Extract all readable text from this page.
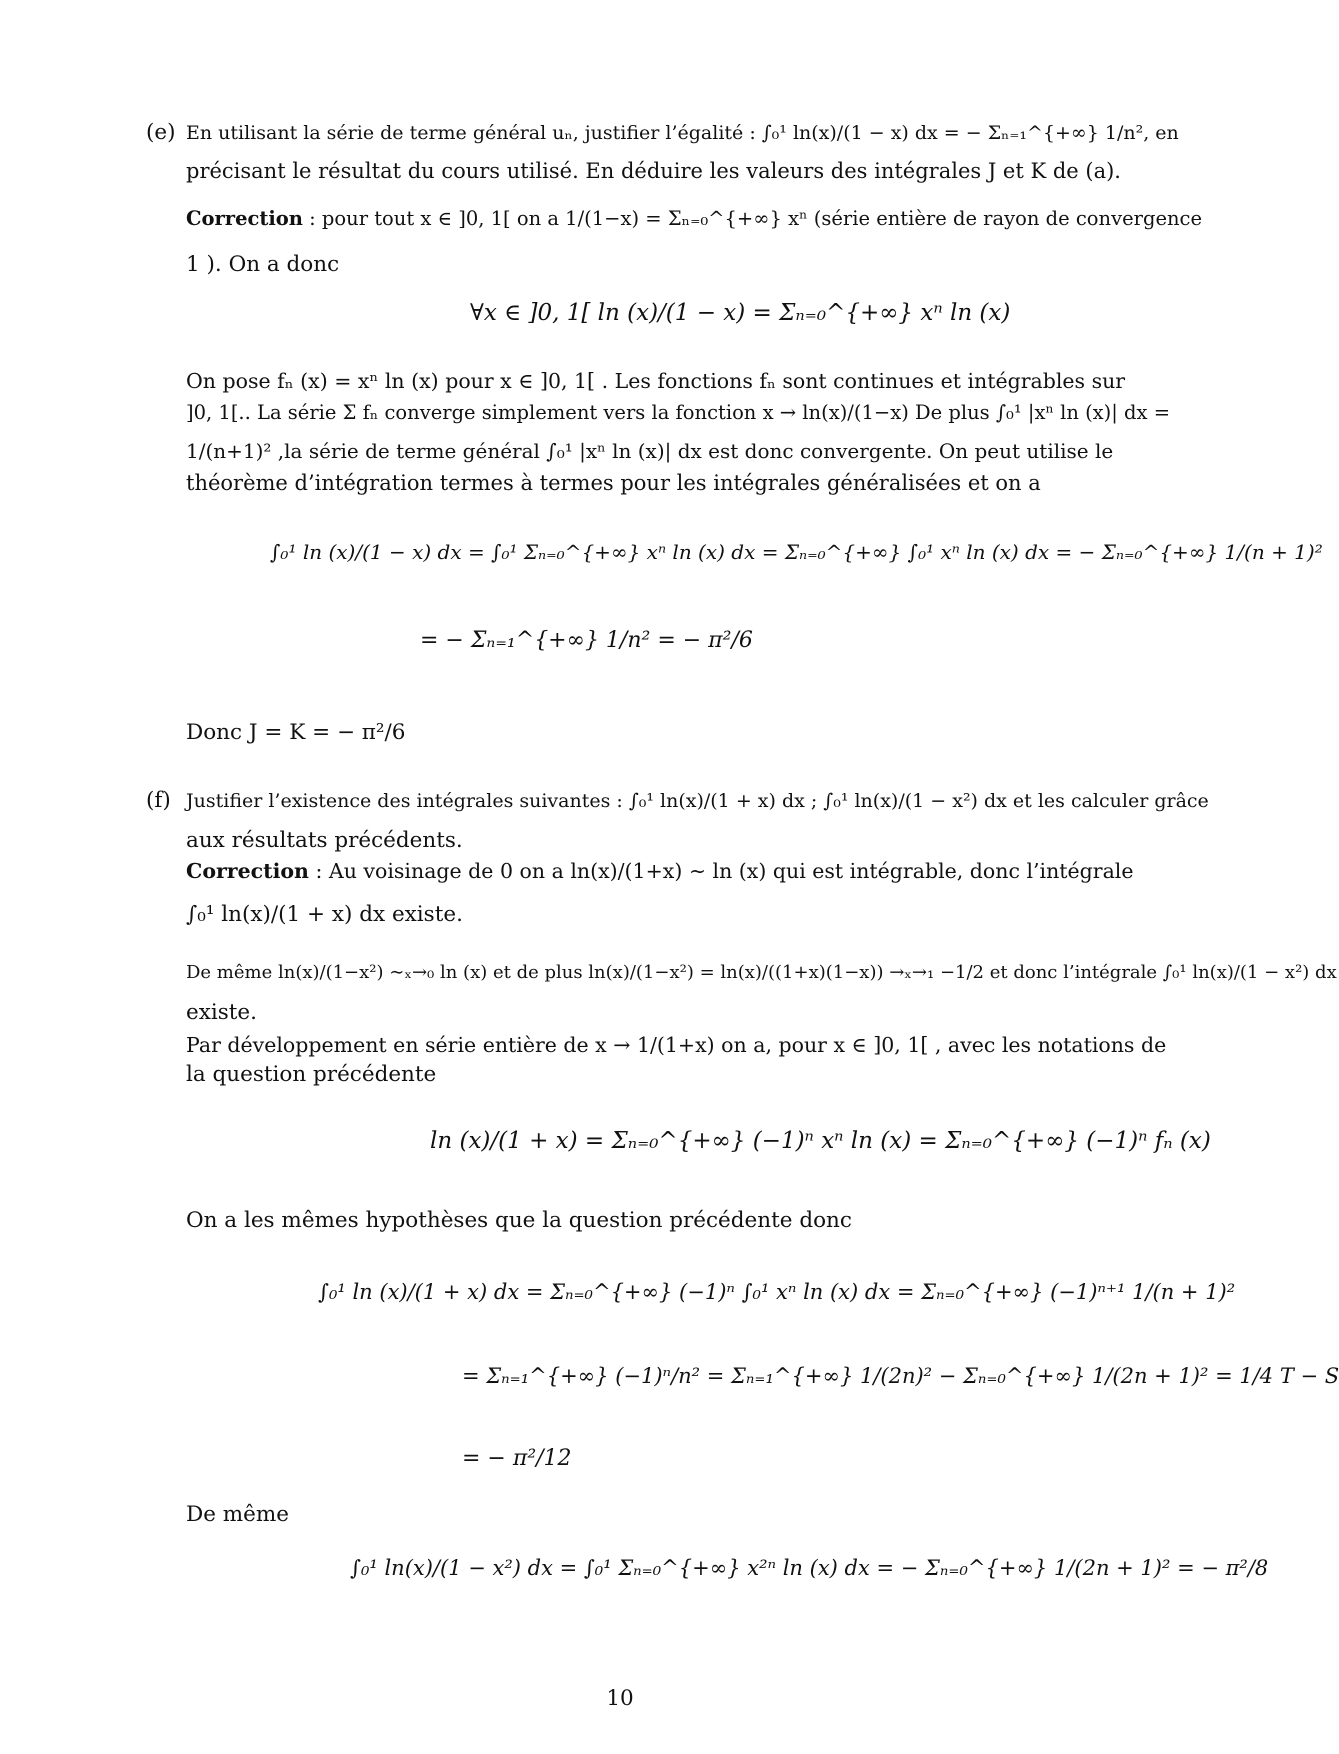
(e) En utilisant la série de terme général uₙ, justifier l’égalité : ∫₀¹ ln(x)/(1 − x) dx = − Σₙ₌₁^{+∞} 1/n², en
précisant le résultat du cours utilisé. En déduire les valeurs des intégrales J et K de (a).
Correction : pour tout x ∈ ]0, 1[ on a 1/(1−x) = Σₙ₌₀^{+∞} xⁿ (série entière de rayon de convergence
1 ). On a donc
∀x ∈ ]0, 1[ ln (x)/(1 − x) = Σₙ₌₀^{+∞} xⁿ ln (x)
On pose fₙ (x) = xⁿ ln (x) pour x ∈ ]0, 1[ . Les fonctions fₙ sont continues et intégrables sur
]0, 1[.. La série Σ fₙ converge simplement vers la fonction x → ln(x)/(1−x) De plus ∫₀¹ |xⁿ ln (x)| dx =
1/(n+1)² ,la série de terme général ∫₀¹ |xⁿ ln (x)| dx est donc convergente. On peut utilise le
théorème d’intégration termes à termes pour les intégrales généralisées et on a
∫₀¹ ln (x)/(1 − x) dx = ∫₀¹ Σₙ₌₀^{+∞} xⁿ ln (x) dx = Σₙ₌₀^{+∞} ∫₀¹ xⁿ ln (x) dx = − Σₙ₌₀^{+∞} 1/(n + 1)²
= − Σₙ₌₁^{+∞} 1/n² = − π²/6
Donc J = K = − π²/6
(f) Justifier l’existence des intégrales suivantes : ∫₀¹ ln(x)/(1 + x) dx ; ∫₀¹ ln(x)/(1 − x²) dx et les calculer grâce
aux résultats précédents.
Correction : Au voisinage de 0 on a ln(x)/(1+x) ∼ ln (x) qui est intégrable, donc l’intégrale
∫₀¹ ln(x)/(1 + x) dx existe.
De même ln(x)/(1−x²) ∼ₓ→₀ ln (x) et de plus ln(x)/(1−x²) = ln(x)/((1+x)(1−x)) →ₓ→₁ −1/2 et donc l’intégrale ∫₀¹ ln(x)/(1 − x²) dx
existe.
Par développement en série entière de x → 1/(1+x) on a, pour x ∈ ]0, 1[ , avec les notations de
la question précédente
ln (x)/(1 + x) = Σₙ₌₀^{+∞} (−1)ⁿ xⁿ ln (x) = Σₙ₌₀^{+∞} (−1)ⁿ fₙ (x)
On a les mêmes hypothèses que la question précédente donc
∫₀¹ ln (x)/(1 + x) dx = Σₙ₌₀^{+∞} (−1)ⁿ ∫₀¹ xⁿ ln (x) dx = Σₙ₌₀^{+∞} (−1)ⁿ⁺¹ 1/(n + 1)²
= Σₙ₌₁^{+∞} (−1)ⁿ/n² = Σₙ₌₁^{+∞} 1/(2n)² − Σₙ₌₀^{+∞} 1/(2n + 1)² = 1/4 T − S
= − π²/12
De même
∫₀¹ ln(x)/(1 − x²) dx = ∫₀¹ Σₙ₌₀^{+∞} x²ⁿ ln (x) dx = − Σₙ₌₀^{+∞} 1/(2n + 1)² = − π²/8
10
